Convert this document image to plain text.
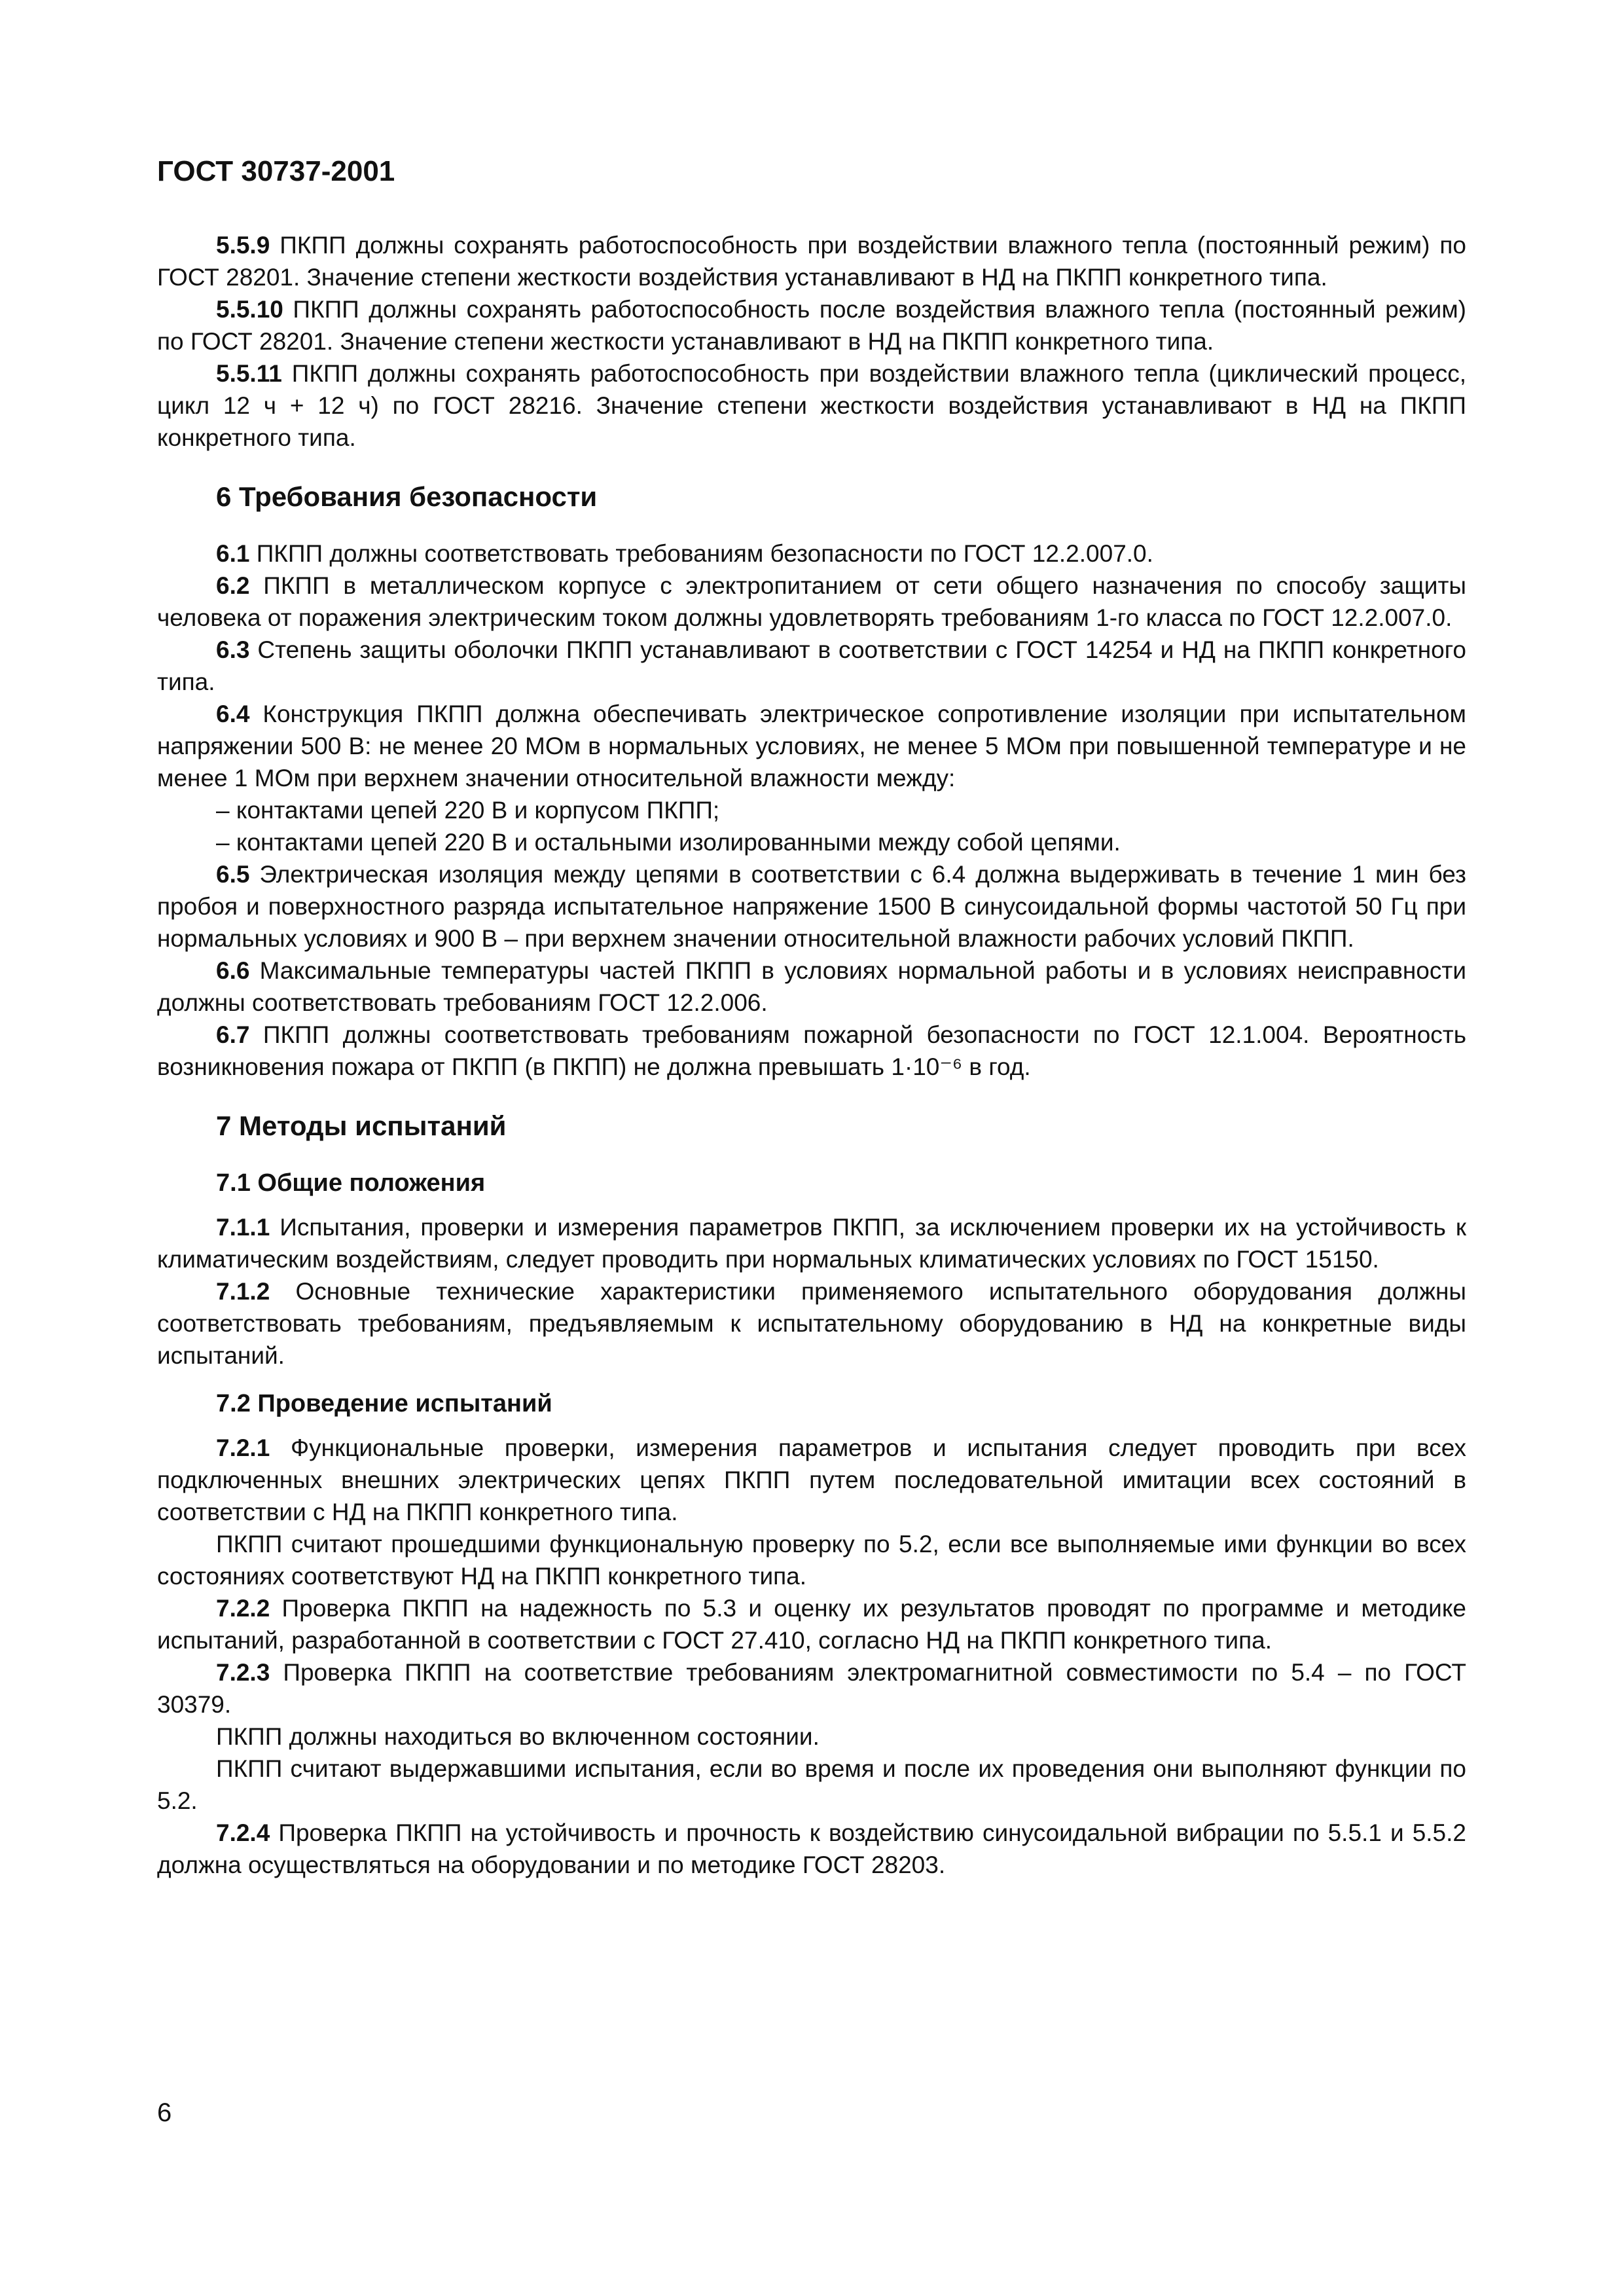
ГОСТ 30737-2001

5.5.9 ПКПП должны сохранять работоспособность при воздействии влажного тепла (постоянный режим) по ГОСТ 28201. Значение степени жесткости воздействия устанавливают в НД на ПКПП конкретного типа.

5.5.10 ПКПП должны сохранять работоспособность после воздействия влажного тепла (постоянный режим) по ГОСТ 28201. Значение степени жесткости устанавливают в НД на ПКПП конкретного типа.

5.5.11 ПКПП должны сохранять работоспособность при воздействии влажного тепла (циклический процесс, цикл 12 ч + 12 ч) по ГОСТ 28216. Значение степени жесткости воздействия устанавливают в НД на ПКПП конкретного типа.

6 Требования безопасности

6.1 ПКПП должны соответствовать требованиям безопасности по ГОСТ 12.2.007.0.

6.2 ПКПП в металлическом корпусе с электропитанием от сети общего назначения по способу защиты человека от поражения электрическим током должны удовлетворять требованиям 1-го класса по ГОСТ 12.2.007.0.

6.3 Степень защиты оболочки ПКПП устанавливают в соответствии с ГОСТ 14254 и НД на ПКПП конкретного типа.

6.4 Конструкция ПКПП должна обеспечивать электрическое сопротивление изоляции при испытательном напряжении 500 В: не менее 20 МОм в нормальных условиях, не менее 5 МОм при повышенной температуре и не менее 1 МОм при верхнем значении относительной влажности между:

– контактами цепей 220 В и корпусом ПКПП;

– контактами цепей 220 В и остальными изолированными между собой цепями.

6.5 Электрическая изоляция между цепями в соответствии с 6.4 должна выдерживать в течение 1 мин без пробоя и поверхностного разряда испытательное напряжение 1500 В синусоидальной формы частотой 50 Гц при нормальных условиях и 900 В – при верхнем значении относительной влажности рабочих условий ПКПП.

6.6 Максимальные температуры частей ПКПП в условиях нормальной работы и в условиях неисправности должны соответствовать требованиям ГОСТ 12.2.006.

6.7 ПКПП должны соответствовать требованиям пожарной безопасности по ГОСТ 12.1.004. Вероятность возникновения пожара от ПКПП (в ПКПП) не должна превышать 1·10⁻⁶ в год.

7 Методы испытаний
7.1 Общие положения

7.1.1 Испытания, проверки и измерения параметров ПКПП, за исключением проверки их на устойчивость к климатическим воздействиям, следует проводить при нормальных климатических условиях по ГОСТ 15150.

7.1.2 Основные технические характеристики применяемого испытательного оборудования должны соответствовать требованиям, предъявляемым к испытательному оборудованию в НД на конкретные виды испытаний.

7.2 Проведение испытаний

7.2.1 Функциональные проверки, измерения параметров и испытания следует проводить при всех подключенных внешних электрических цепях ПКПП путем последовательной имитации всех состояний в соответствии с НД на ПКПП конкретного типа.

ПКПП считают прошедшими функциональную проверку по 5.2, если все выполняемые ими функции во всех состояниях соответствуют НД на ПКПП конкретного типа.

7.2.2 Проверка ПКПП на надежность по 5.3 и оценку их результатов проводят по программе и методике испытаний, разработанной в соответствии с ГОСТ 27.410, согласно НД на ПКПП конкретного типа.

7.2.3 Проверка ПКПП на соответствие требованиям электромагнитной совместимости по 5.4 – по ГОСТ 30379.

ПКПП должны находиться во включенном состоянии.

ПКПП считают выдержавшими испытания, если во время и после их проведения они выполняют функции по 5.2.

7.2.4 Проверка ПКПП на устойчивость и прочность к воздействию синусоидальной вибрации по 5.5.1 и 5.5.2 должна осуществляться на оборудовании и по методике ГОСТ 28203.

6
